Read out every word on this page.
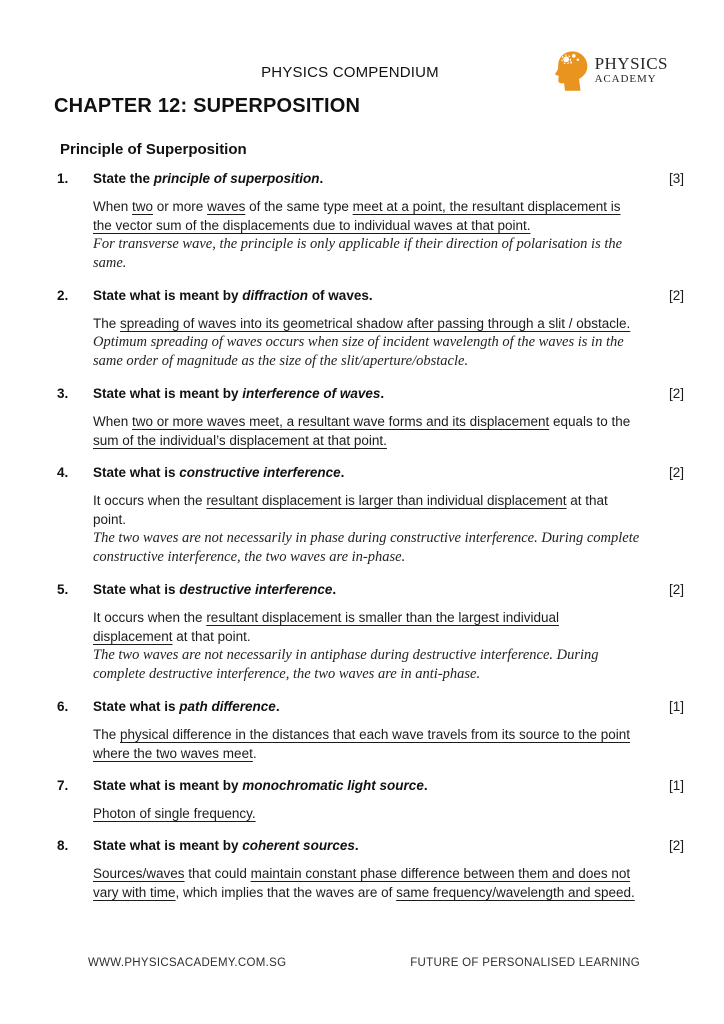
PHYSICS COMPENDIUM	PHYSICS
ACADEMY
CHAPTER 12: SUPERPOSITION
Principle of Superposition
1.	State the principle of superposition.
When two or more waves of the same type meet at a point, the resultant displacement is the vector sum of the displacements due to individual waves at that point.
For transverse wave, the principle is only applicable if their direction of polarisation is the same.
[3]
2.	State what is meant by diffraction of waves.
The spreading of waves into its geometrical shadow after passing through a slit / obstacle.
Optimum spreading of waves occurs when size of incident wavelength of the waves is in the same order of magnitude as the size of the slit/aperture/obstacle.
[2]
3.	State what is meant by interference of waves.
When two or more waves meet, a resultant wave forms and its displacement equals to the sum of the individual’s displacement at that point.
[2]
4.	State what is constructive interference.
It occurs when the resultant displacement is larger than individual displacement at that point.
The two waves are not necessarily in phase during constructive interference. During complete constructive interference, the two waves are in-phase.
[2]
5.	State what is destructive interference.
It occurs when the resultant displacement is smaller than the largest individual displacement at that point.
The two waves are not necessarily in antiphase during destructive interference. During complete destructive interference, the two waves are in anti-phase.
[2]
6.	State what is path difference.
The physical difference in the distances that each wave travels from its source to the point where the two waves meet.
[1]
7.	State what is meant by monochromatic light source.
Photon of single frequency.
[1]
8.	State what is meant by coherent sources.
Sources/waves that could maintain constant phase difference between them and does not vary with time, which implies that the waves are of same frequency/wavelength and speed.
[2]
WWW.PHYSICSACADEMY.COM.SG	FUTURE OF PERSONALISED LEARNING
